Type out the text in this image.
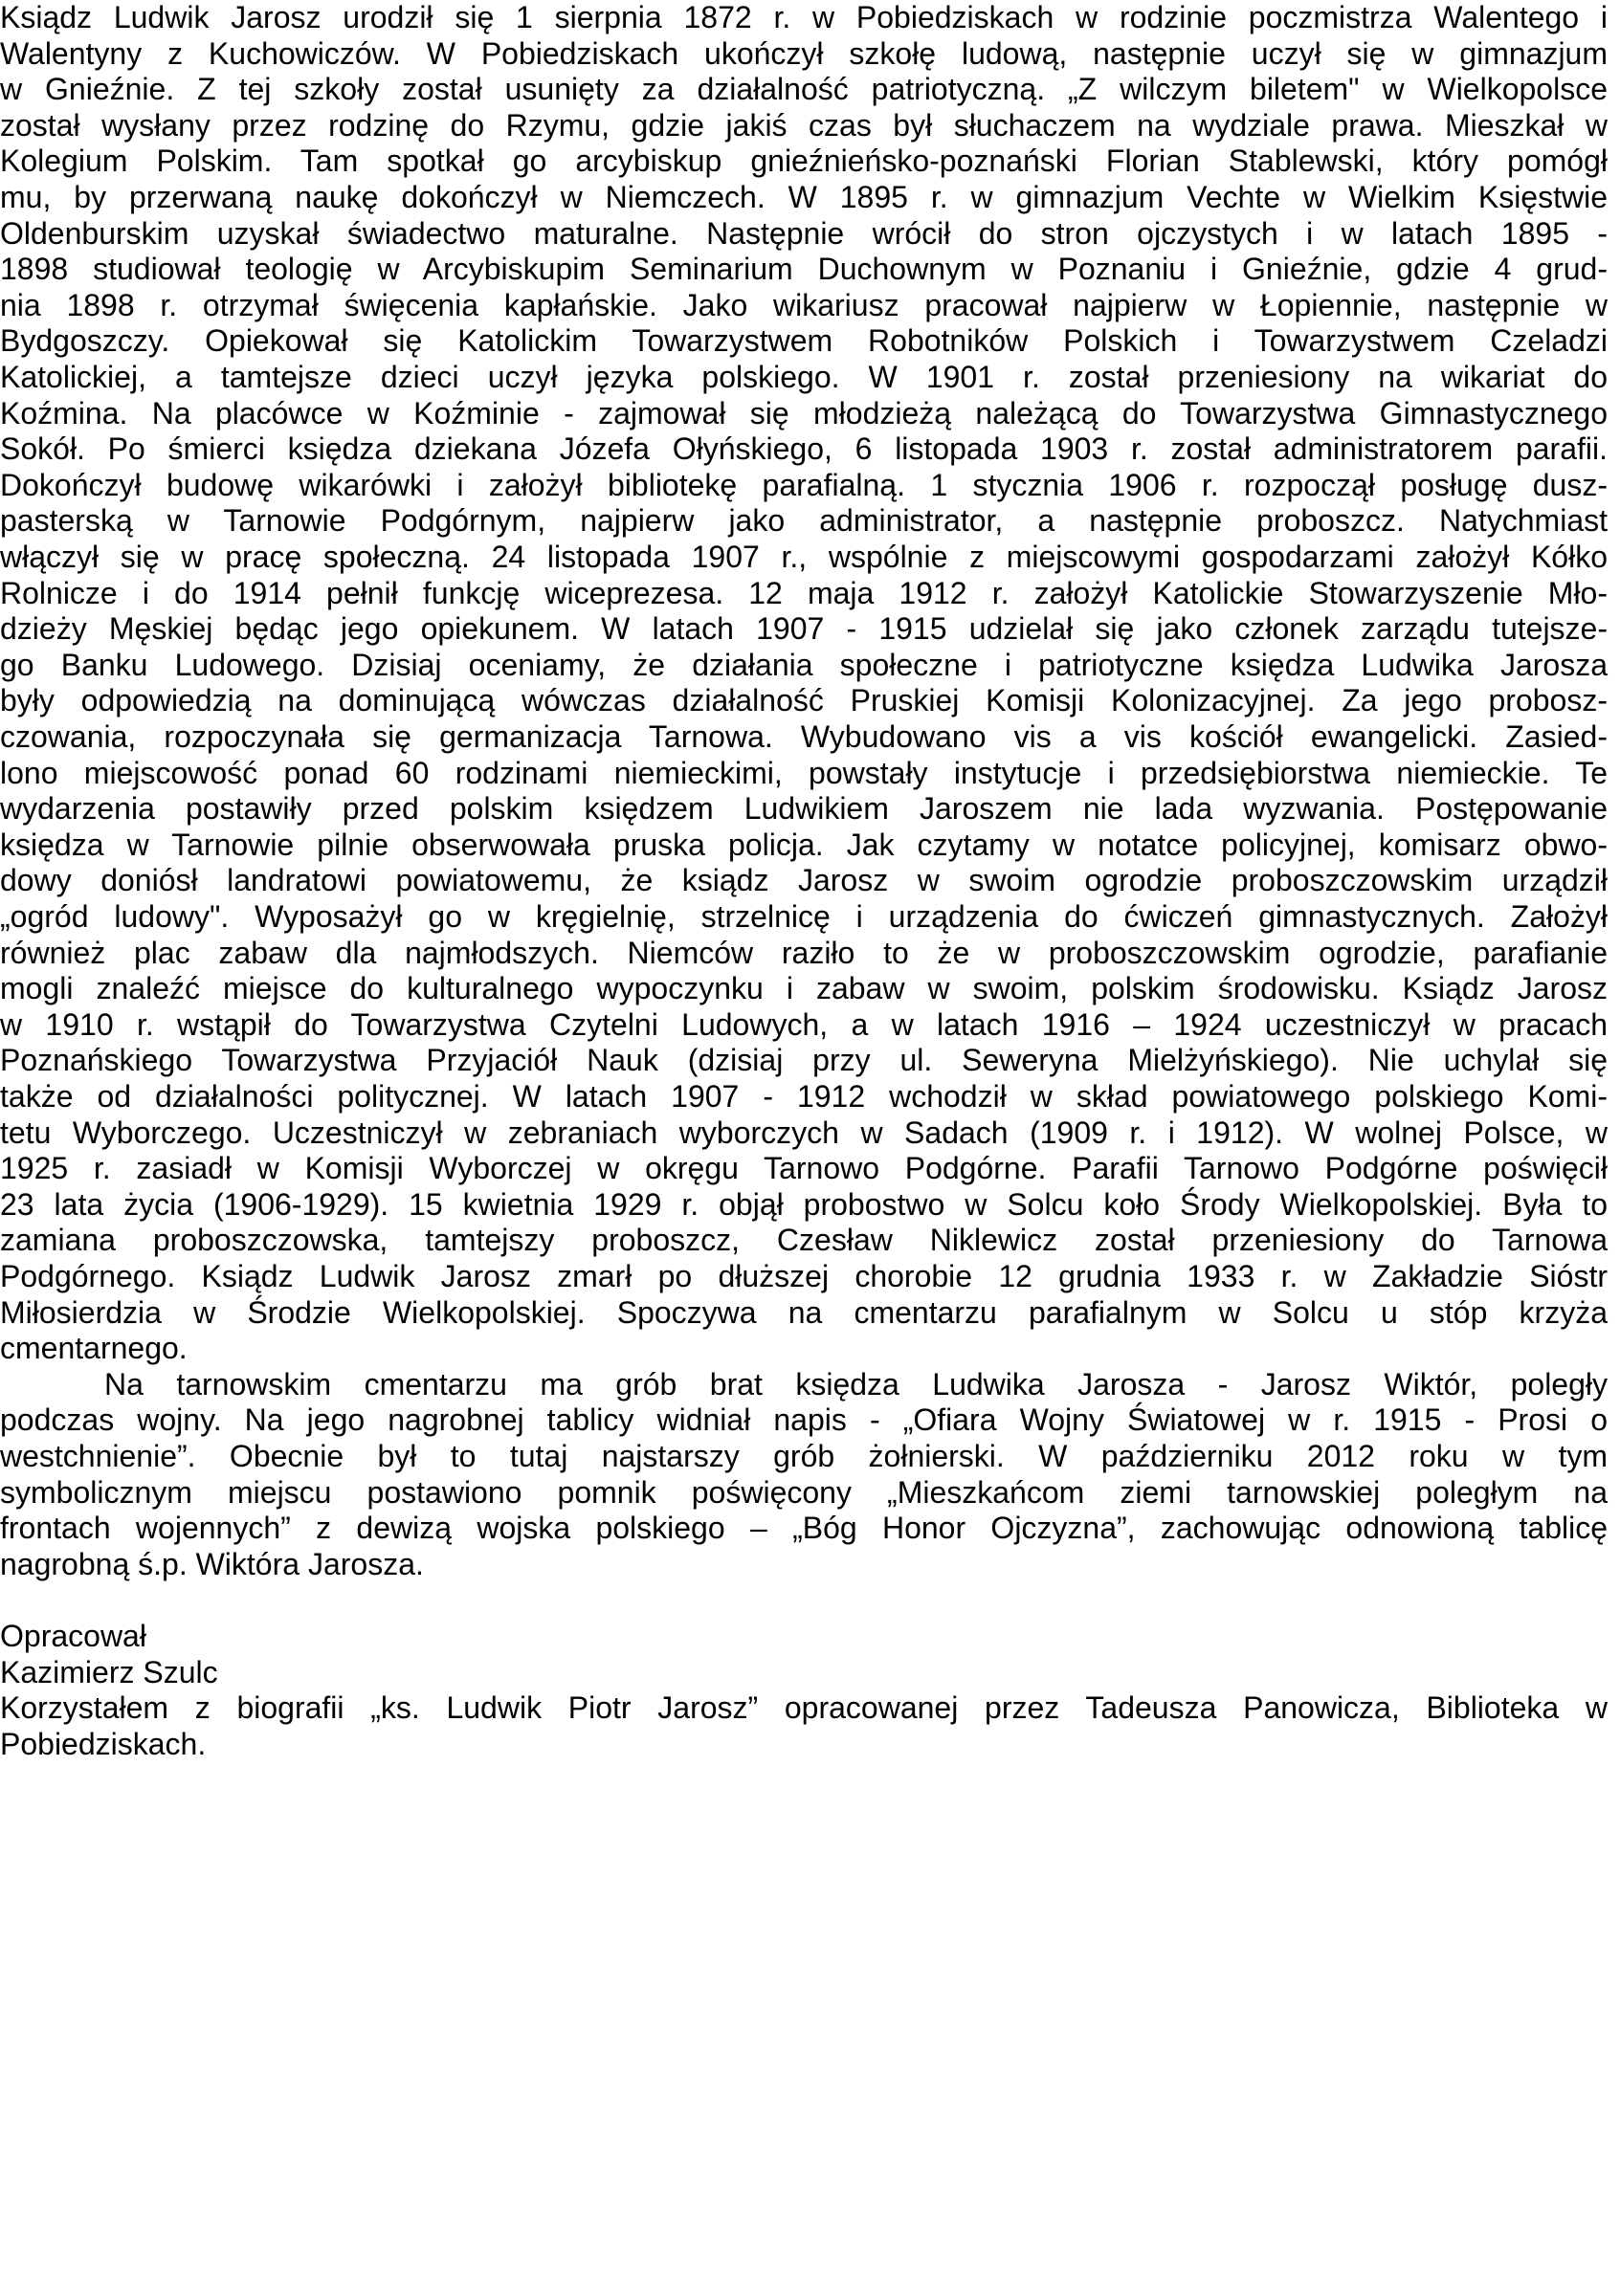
Ksiądz Ludwik Jarosz urodził się 1 sierpnia 1872 r. w Pobiedziskach w rodzinie poczmistrza Walentego i
Walentyny z Kuchowiczów. W Pobiedziskach ukończył szkołę ludową, następnie uczył się w gimnazjum
w Gnieźnie. Z tej szkoły został usunięty za działalność patriotyczną. „Z wilczym biletem" w Wielkopolsce
został wysłany przez rodzinę do Rzymu, gdzie jakiś czas był słuchaczem na wydziale prawa. Mieszkał w
Kolegium Polskim. Tam spotkał go arcybiskup gnieźnieńsko-poznański Florian Stablewski, który pomógł
mu, by przerwaną naukę dokończył w Niemczech. W 1895 r. w gimnazjum Vechte w Wielkim Księstwie
Oldenburskim uzyskał świadectwo maturalne. Następnie wrócił do stron ojczystych i w latach 1895 -
1898 studiował teologię w Arcybiskupim Seminarium Duchownym w Poznaniu i Gnieźnie, gdzie 4 grud-
nia 1898 r. otrzymał święcenia kapłańskie. Jako wikariusz pracował najpierw w Łopiennie, następnie w
Bydgoszczy. Opiekował się Katolickim Towarzystwem Robotników Polskich i Towarzystwem Czeladzi
Katolickiej, a tamtejsze dzieci uczył języka polskiego. W 1901 r. został przeniesiony na wikariat do
Koźmina. Na placówce w Koźminie - zajmował się młodzieżą należącą do Towarzystwa Gimnastycznego
Sokół. Po śmierci księdza dziekana Józefa Ołyńskiego, 6 listopada 1903 r. został administratorem parafii.
Dokończył budowę wikarówki i założył bibliotekę parafialną. 1 stycznia 1906 r. rozpoczął posługę dusz-
pasterską w Tarnowie Podgórnym, najpierw jako administrator, a następnie proboszcz. Natychmiast
włączył się w pracę społeczną. 24 listopada 1907 r., wspólnie z miejscowymi gospodarzami założył Kółko
Rolnicze i do 1914 pełnił funkcję wiceprezesa. 12 maja 1912 r. założył Katolickie Stowarzyszenie Mło-
dzieży Męskiej będąc jego opiekunem. W latach 1907 - 1915 udzielał się jako członek zarządu tutejsze-
go Banku Ludowego. Dzisiaj oceniamy, że działania społeczne i patriotyczne księdza Ludwika Jarosza
były odpowiedzią na dominującą wówczas działalność Pruskiej Komisji Kolonizacyjnej. Za jego probosz-
czowania, rozpoczynała się germanizacja Tarnowa. Wybudowano vis a vis kościół ewangelicki. Zasied-
lono miejscowość ponad 60 rodzinami niemieckimi, powstały instytucje i przedsiębiorstwa niemieckie. Te
wydarzenia postawiły przed polskim księdzem Ludwikiem Jaroszem nie lada wyzwania. Postępowanie
księdza w Tarnowie pilnie obserwowała pruska policja. Jak czytamy w notatce policyjnej, komisarz obwo-
dowy doniósł landratowi powiatowemu, że ksiądz Jarosz w swoim ogrodzie proboszczowskim urządził
„ogród ludowy". Wyposażył go w kręgielnię, strzelnicę i urządzenia do ćwiczeń gimnastycznych. Założył
również plac zabaw dla najmłodszych. Niemców raziło to że w proboszczowskim ogrodzie, parafianie
mogli znaleźć miejsce do kulturalnego wypoczynku i zabaw w swoim, polskim środowisku. Ksiądz Jarosz
w 1910 r. wstąpił do Towarzystwa Czytelni Ludowych, a w latach 1916 – 1924 uczestniczył w pracach
Poznańskiego Towarzystwa Przyjaciół Nauk (dzisiaj przy ul. Seweryna Mielżyńskiego). Nie uchylał się
także od działalności politycznej. W latach 1907 - 1912 wchodził w skład powiatowego polskiego Komi-
tetu Wyborczego. Uczestniczył w zebraniach wyborczych w Sadach (1909 r. i 1912). W wolnej Polsce, w
1925 r. zasiadł w Komisji Wyborczej w okręgu Tarnowo Podgórne. Parafii Tarnowo Podgórne poświęcił
23 lata życia (1906-1929). 15 kwietnia 1929 r. objął probostwo w Solcu koło Środy Wielkopolskiej. Była to
zamiana proboszczowska, tamtejszy proboszcz, Czesław Niklewicz został przeniesiony do Tarnowa
Podgórnego. Ksiądz Ludwik Jarosz zmarł po dłuższej chorobie 12 grudnia 1933 r. w Zakładzie Sióstr
Miłosierdzia w Środzie Wielkopolskiej. Spoczywa na cmentarzu parafialnym w Solcu u stóp krzyża
cmentarnego.
Na tarnowskim cmentarzu ma grób brat księdza Ludwika Jarosza - Jarosz Wiktór, poległy
podczas wojny. Na jego nagrobnej tablicy widniał napis - „Ofiara Wojny Światowej w r. 1915 - Prosi o
westchnienie”. Obecnie był to tutaj najstarszy grób żołnierski. W październiku 2012 roku w tym
symbolicznym miejscu postawiono pomnik poświęcony „Mieszkańcom ziemi tarnowskiej poległym na
frontach wojennych” z dewizą wojska polskiego – „Bóg Honor Ojczyzna”, zachowując odnowioną tablicę
nagrobną ś.p. Wiktóra Jarosza.
Opracował
Kazimierz Szulc
Korzystałem z biografii „ks. Ludwik Piotr Jarosz” opracowanej przez Tadeusza Panowicza, Biblioteka w
Pobiedziskach.
